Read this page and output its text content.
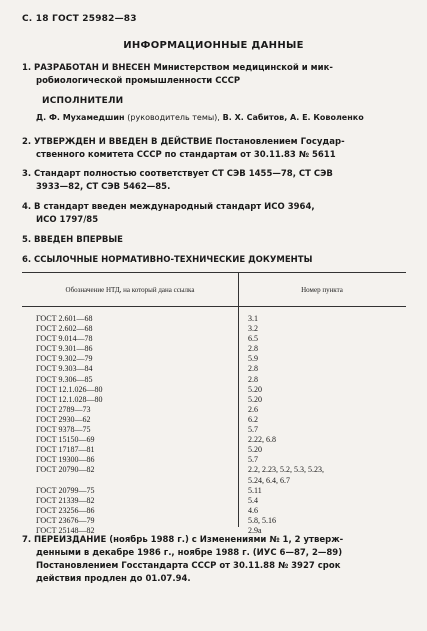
С. 18 ГОСТ 25982—83
ИНФОРМАЦИОННЫЕ ДАННЫЕ
1. РАЗРАБОТАН И ВНЕСЕН Министерством медицинской и мик-
робиологической промышленности СССР
ИСПОЛНИТЕЛИ
Д. Ф. Мухамедшин (руководитель темы), В. Х. Сабитов, А. Е. Коволенко
2. УТВЕРЖДЕН И ВВЕДЕН В ДЕЙСТВИЕ Постановлением Государ-
ственного комитета СССР по стандартам от 30.11.83 № 5611
3. Стандарт полностью соответствует СТ СЭВ 1455—78, СТ СЭВ
3933—82, СТ СЭВ 5462—85.
4. В стандарт введен международный стандарт ИСО 3964,
ИСО 1797/85
5. ВВЕДЕН ВПЕРВЫЕ
6. ССЫЛОЧНЫЕ НОРМАТИВНО-ТЕХНИЧЕСКИЕ ДОКУМЕНТЫ
Обозначение НТД, на который дана ссылка	Номер пункта
ГОСТ 2.601—68	3.1
ГОСТ 2.602—68	3.2
ГОСТ 9.014—78	6.5
ГОСТ 9.301—86	2.8
ГОСТ 9.302—79	5.9
ГОСТ 9.303—84	2.8
ГОСТ 9.306—85	2.8
ГОСТ 12.1.026—80	5.20
ГОСТ 12.1.028—80	5.20
ГОСТ 2789—73	2.6
ГОСТ 2930—62	6.2
ГОСТ 9378—75	5.7
ГОСТ 15150—69	2.22, 6.8
ГОСТ 17187—81	5.20
ГОСТ 19300—86	5.7
ГОСТ 20790—82	2.2, 2.23, 5.2, 5.3, 5.23,
5.24, 6.4, 6.7
ГОСТ 20799—75	5.11
ГОСТ 21339—82	5.4
ГОСТ 23256—86	4.6
ГОСТ 23676—79	5.8, 5.16
ГОСТ 25148—82	2.9а
7. ПЕРЕИЗДАНИЕ (ноябрь 1988 г.) с Изменениями № 1, 2 утверж-
денными в декабре 1986 г., ноябре 1988 г. (ИУС 6—87, 2—89)
Постановлением Госстандарта СССР от 30.11.88 № 3927 срок
действия продлен до 01.07.94.
